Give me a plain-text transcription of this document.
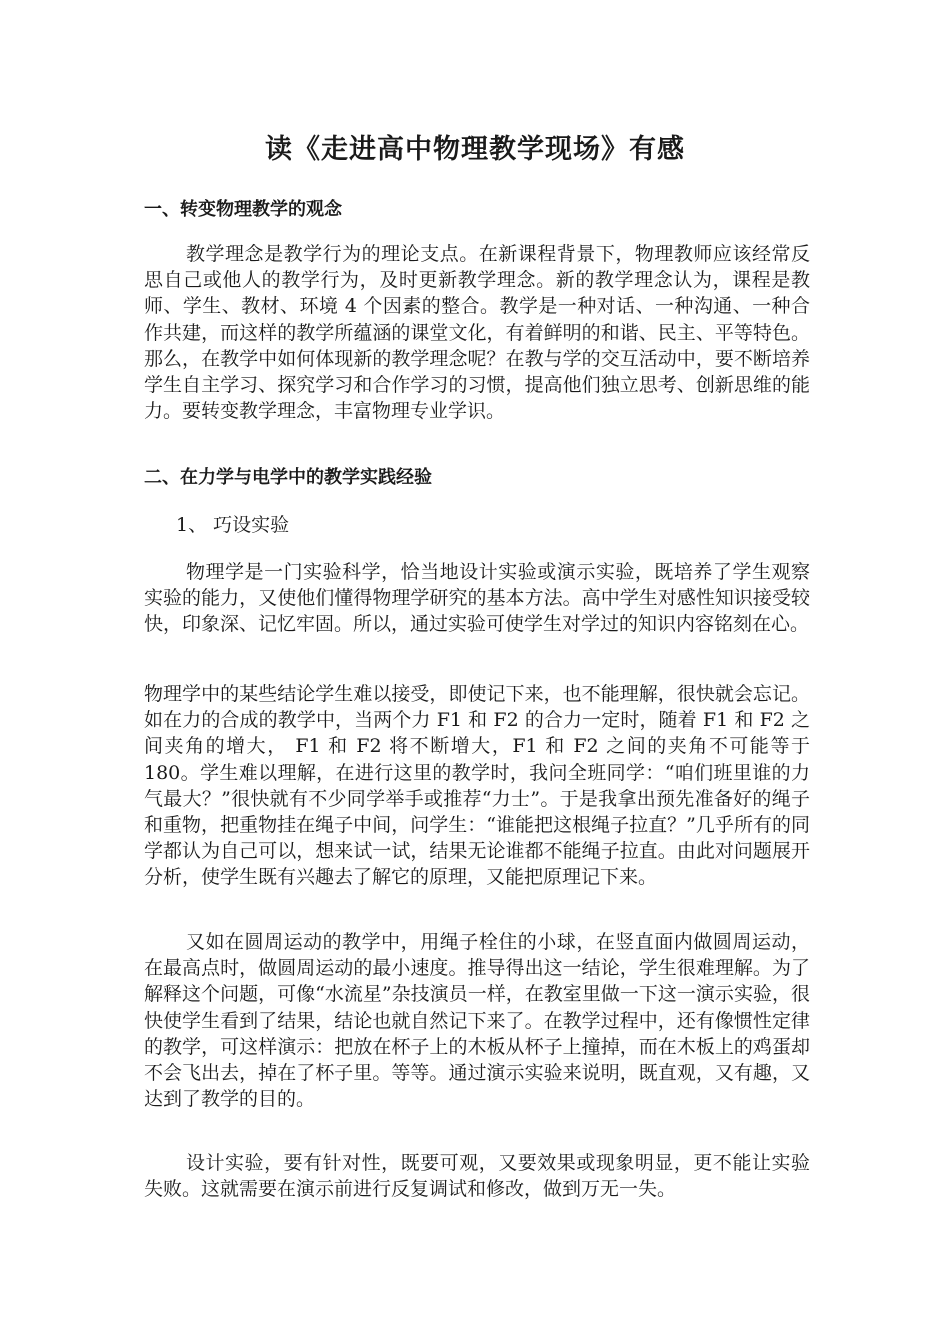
读《走进高中物理教学现场》有感
一、转变物理教学的观念

教学理念是教学行为的理论支点。在新课程背景下，物理教师应该经常反思自己或他人的教学行为，及时更新教学理念。新的教学理念认为，课程是教师、学生、教材、环境 4 个因素的整合。教学是一种对话、一种沟通、一种合作共建，而这样的教学所蕴涵的课堂文化，有着鲜明的和谐、民主、平等特色。那么，在教学中如何体现新的教学理念呢？在教与学的交互活动中，要不断培养学生自主学习、探究学习和合作学习的习惯，提高他们独立思考、创新思维的能力。要转变教学理念，丰富物理专业学识。

二、在力学与电学中的教学实践经验
1、 巧设实验

物理学是一门实验科学，恰当地设计实验或演示实验，既培养了学生观察实验的能力，又使他们懂得物理学研究的基本方法。高中学生对感性知识接受较快，印象深、记忆牢固。所以，通过实验可使学生对学过的知识内容铭刻在心。

物理学中的某些结论学生难以接受，即使记下来，也不能理解，很快就会忘记。如在力的合成的教学中，当两个力 F1 和 F2 的合力一定时，随着 F1 和 F2 之间夹角的增大， F1 和 F2 将不断增大，F1 和 F2 之间的夹角不可能等于 180。学生难以理解，在进行这里的教学时，我问全班同学：“咱们班里谁的力气最大？”很快就有不少同学举手或推荐“力士”。于是我拿出预先准备好的绳子和重物，把重物挂在绳子中间，问学生：“谁能把这根绳子拉直？”几乎所有的同学都认为自己可以，想来试一试，结果无论谁都不能绳子拉直。由此对问题展开分析，使学生既有兴趣去了解它的原理，又能把原理记下来。

又如在圆周运动的教学中，用绳子栓住的小球，在竖直面内做圆周运动，在最高点时，做圆周运动的最小速度。推导得出这一结论，学生很难理解。为了解释这个问题，可像“水流星”杂技演员一样，在教室里做一下这一演示实验，很快使学生看到了结果，结论也就自然记下来了。在教学过程中，还有像惯性定律的教学，可这样演示：把放在杯子上的木板从杯子上撞掉，而在木板上的鸡蛋却不会飞出去，掉在了杯子里。等等。通过演示实验来说明，既直观，又有趣，又达到了教学的目的。

设计实验，要有针对性，既要可观，又要效果或现象明显，更不能让实验失败。这就需要在演示前进行反复调试和修改，做到万无一失。
